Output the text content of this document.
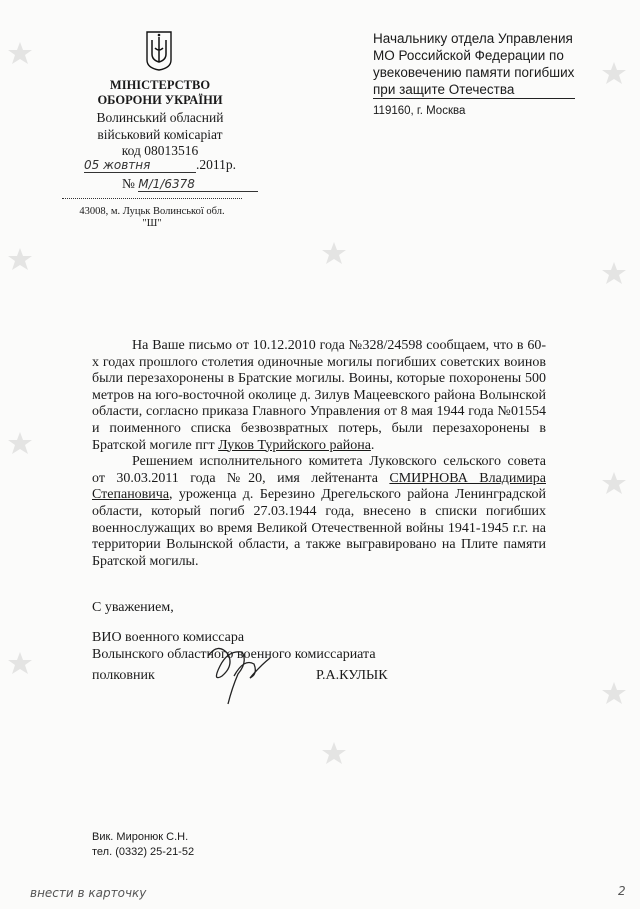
МІНІСТЕРСТВО
ОБОРОНИ УКРАЇНИ
Волинський обласний
військовий комісаріат
код 08013516
05 жовтня	.2011р.
№ М/1/6378
43008, м. Луцьк Волинської обл.
"Ш"
Начальнику отдела Управления
МО Российской Федерации по
увековечению памяти погибших
при защите Отечества
119160, г. Москва

На Ваше письмо от 10.12.2010 года №328/24598 сообщаем, что в 60-х годах прошлого столетия одиночные могилы погибших советских воинов были перезахоронены в Братские могилы. Воины, которые похоронены 500 метров на юго-восточной околице д. Зилув Мацеевского района Волынской области, согласно приказа Главного Управления от 8 мая 1944 года №01554 и поименного списка безвозвратных потерь, были перезахоронены в Братской могиле пгт Луков Турийского района.

Решением исполнительного комитета Луковского сельского совета от 30.03.2011 года №20, имя лейтенанта СМИРНОВА Владимира Степановича, уроженца д. Березино Дрегельского района Ленинградской области, который погиб 27.03.1944 года, внесено в списки погибших военнослужащих во время Великой Отечественной войны 1941-1945 г.г. на территории Волынской области, а также выгравировано на Плите памяти Братской могилы.

С уважением,
ВИО военного комиссара
Волынского областного военного комиссариата
полковник	Р.А.КУЛЫК
Вик. Миронюк С.Н.
тел. (0332) 25-21-52
внести в карточку	2
